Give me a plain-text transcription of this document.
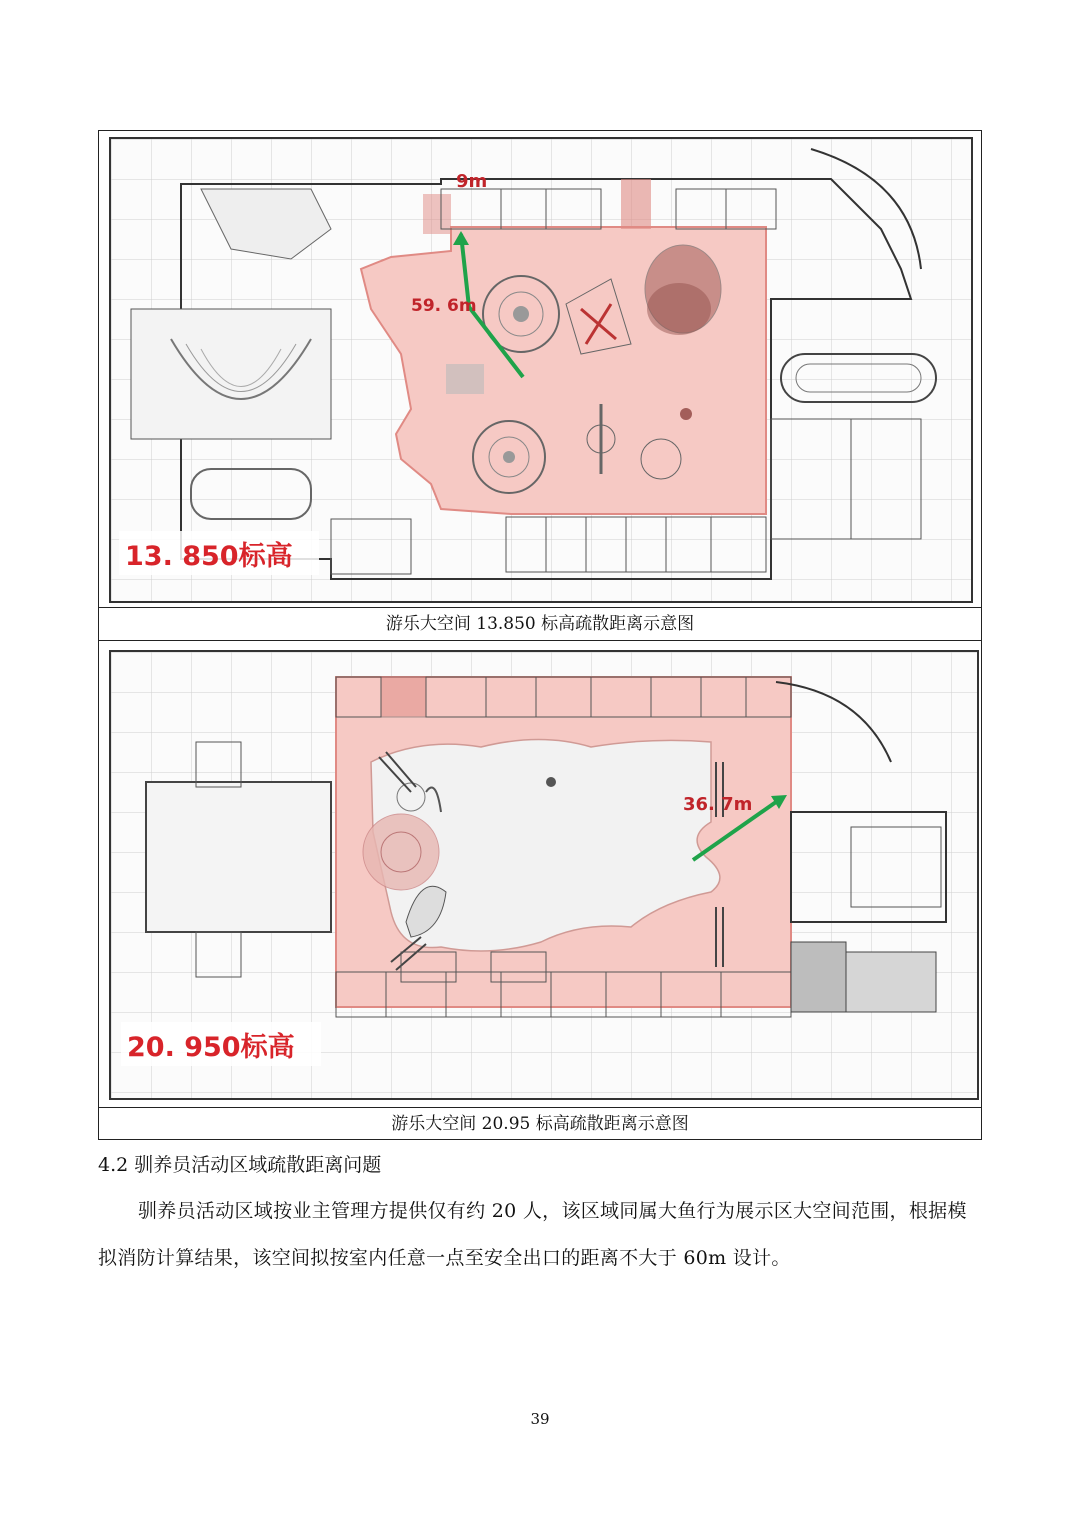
9m
59. 6m
13. 850标高
游乐大空间 13.850 标高疏散距离示意图
36. 7m
20. 950标高
游乐大空间 20.95 标高疏散距离示意图
4.2 驯养员活动区域疏散距离问题
驯养员活动区域按业主管理方提供仅有约 20 人，该区域同属大鱼行为展示区大空间范围，根据模拟消防计算结果，该空间拟按室内任意一点至安全出口的距离不大于 60m 设计。
39
